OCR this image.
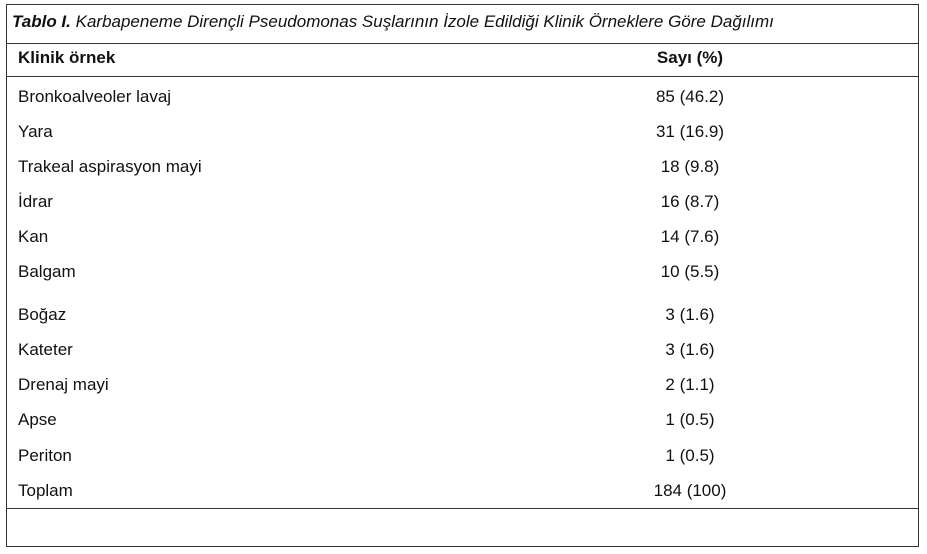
Tablo I. Karbapeneme Dirençli Pseudomonas Suşlarının İzole Edildiği Klinik Örneklere Göre Dağılımı
Klinik örnek	Sayı (%)
Bronkoalveoler lavaj	85 (46.2)
Yara	31 (16.9)
Trakeal aspirasyon mayi	18 (9.8)
İdrar	16 (8.7)
Kan	14 (7.6)
Balgam	10 (5.5)
Boğaz	3 (1.6)
Kateter	3 (1.6)
Drenaj mayi	2 (1.1)
Apse	1 (0.5)
Periton	1 (0.5)
Toplam	184 (100)
